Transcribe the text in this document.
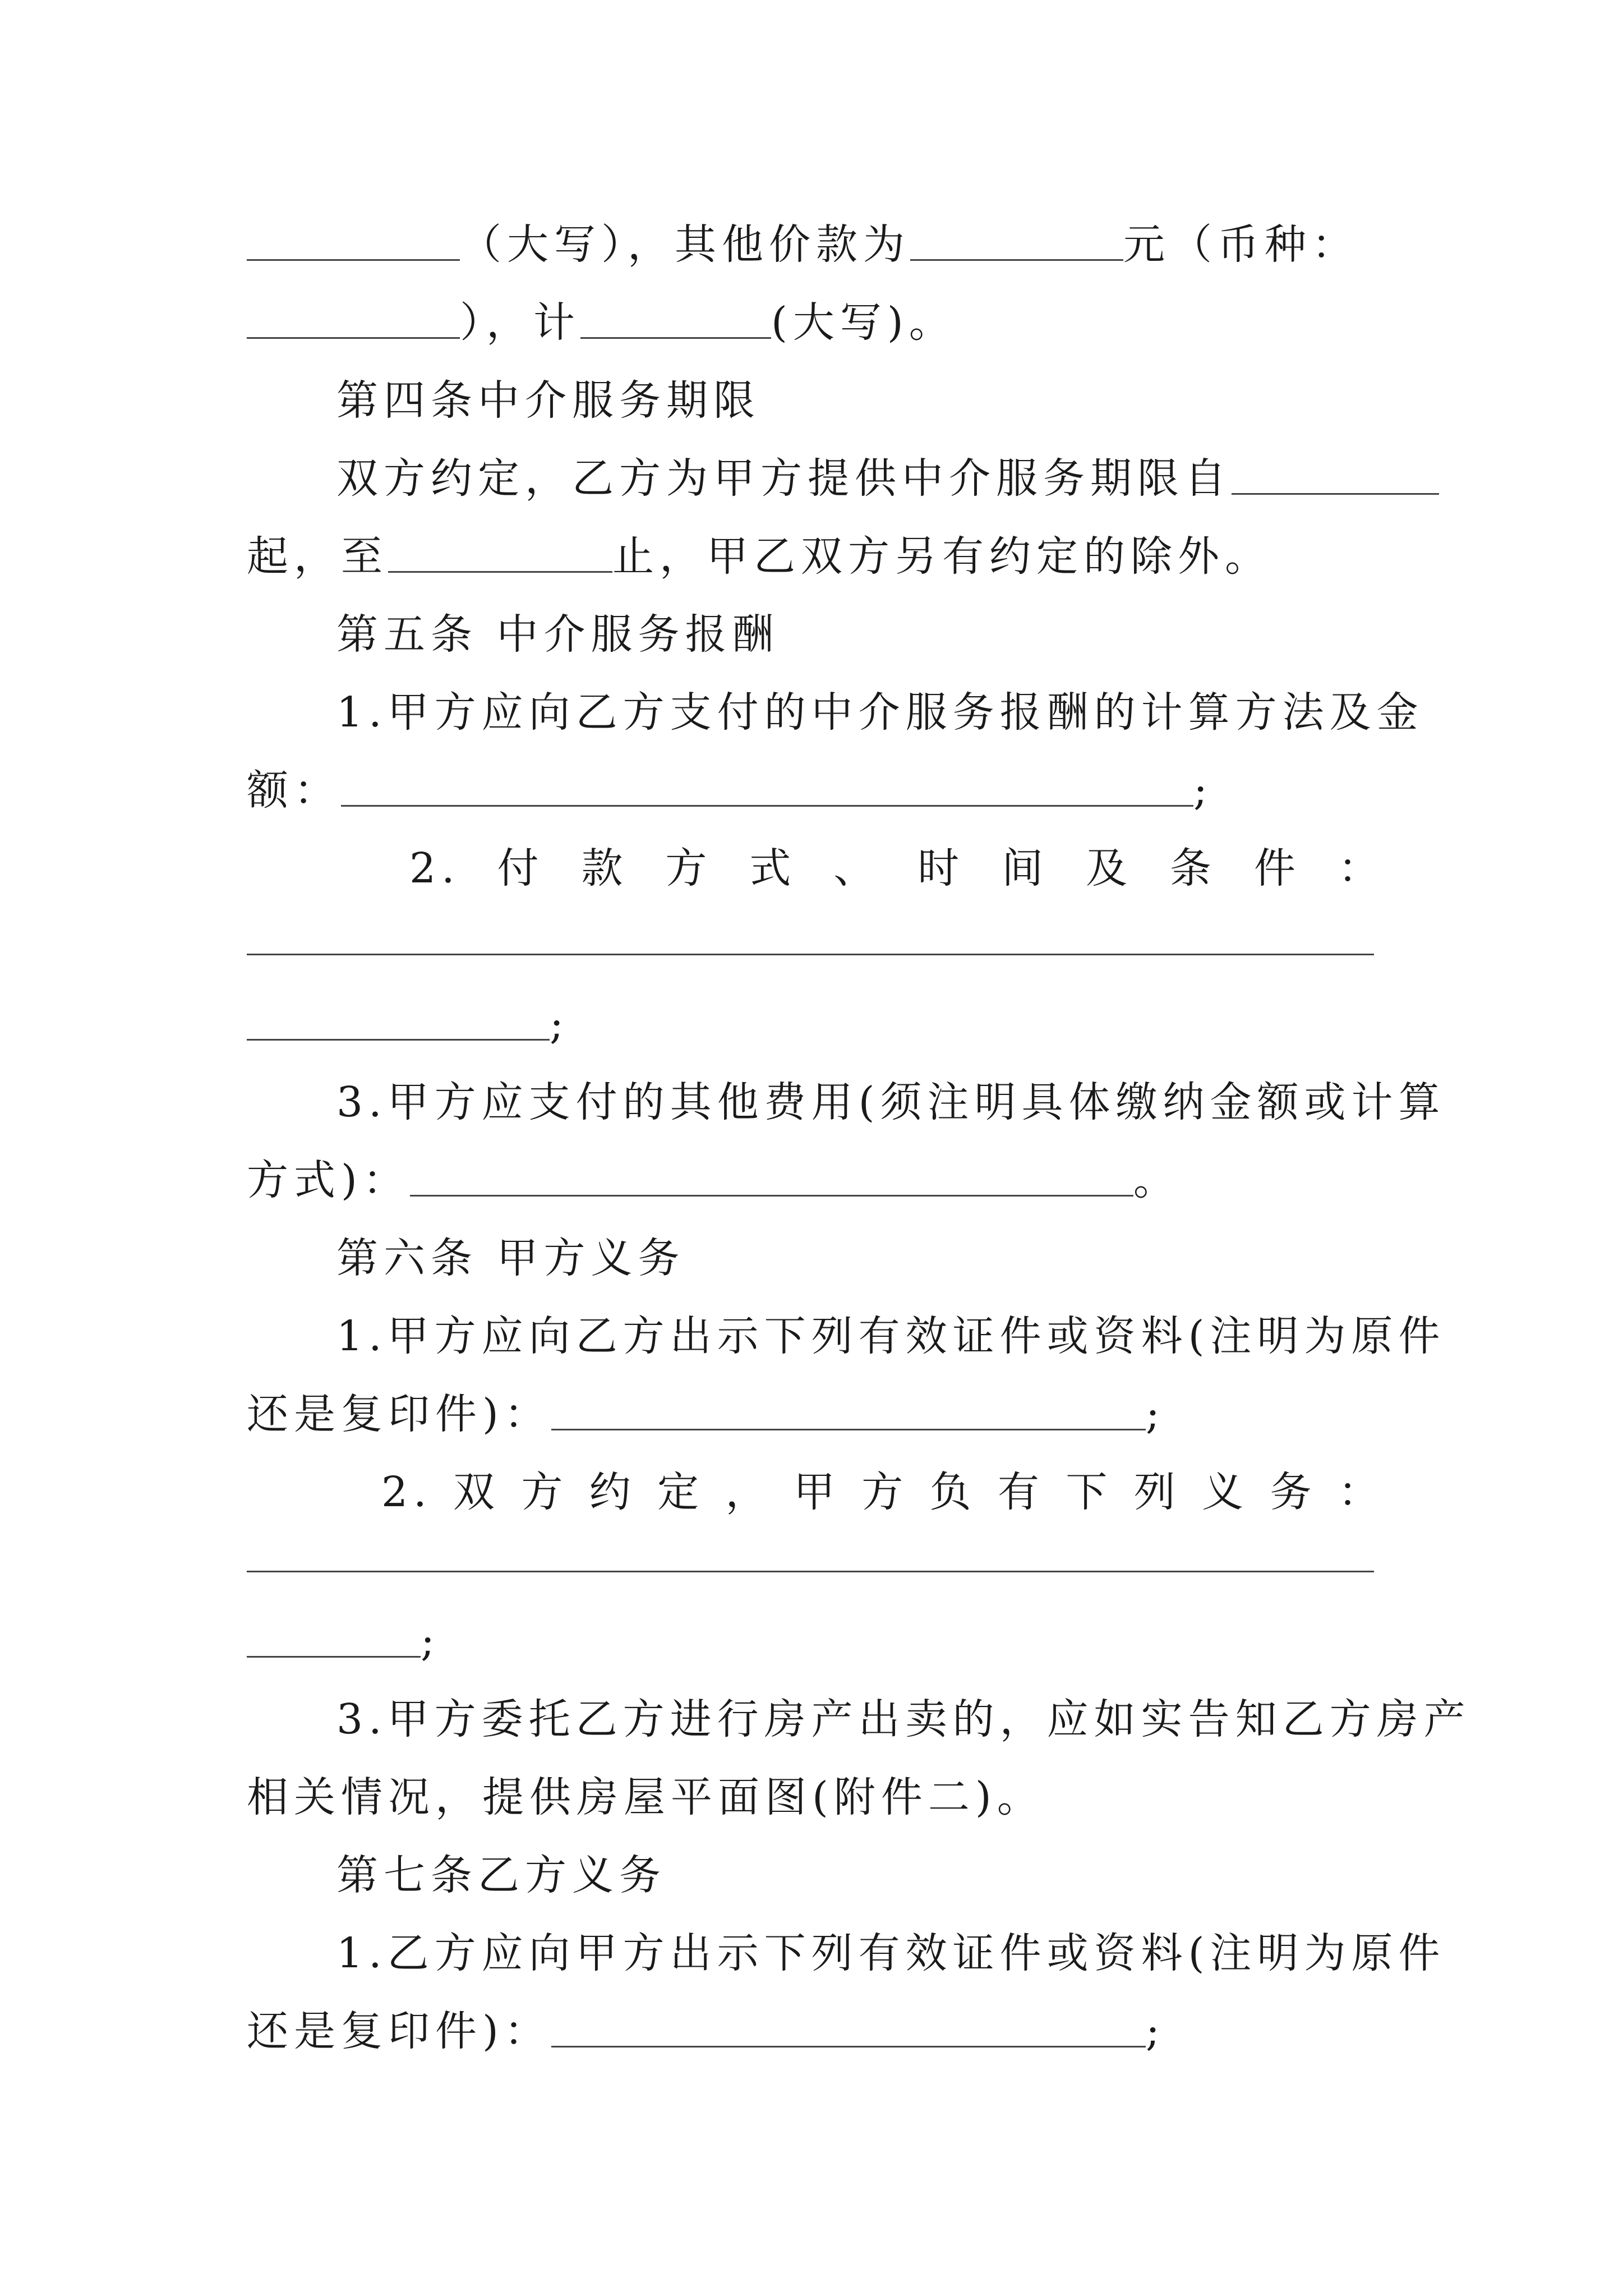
（大写），其他价款为	元（币种：
），计	(大写)。
第四条中介服务期限
双方约定，乙方为甲方提供中介服务期限自
起，至	止，甲乙双方另有约定的除外。
第五条 中介服务报酬
1.甲方应向乙方支付的中介服务报酬的计算方法及金
额：	;
2. 付 款 方 式 、 时 间 及 条 件 ：
;
3.甲方应支付的其他费用(须注明具体缴纳金额或计算
方式)：	。
第六条 甲方义务
1.甲方应向乙方出示下列有效证件或资料(注明为原件
还是复印件)：	;
2. 双 方 约 定 ， 甲 方 负 有 下 列 义 务 ：
;
3.甲方委托乙方进行房产出卖的，应如实告知乙方房产
相关情况，提供房屋平面图(附件二)。
第七条乙方义务
1.乙方应向甲方出示下列有效证件或资料(注明为原件
还是复印件)：	;
